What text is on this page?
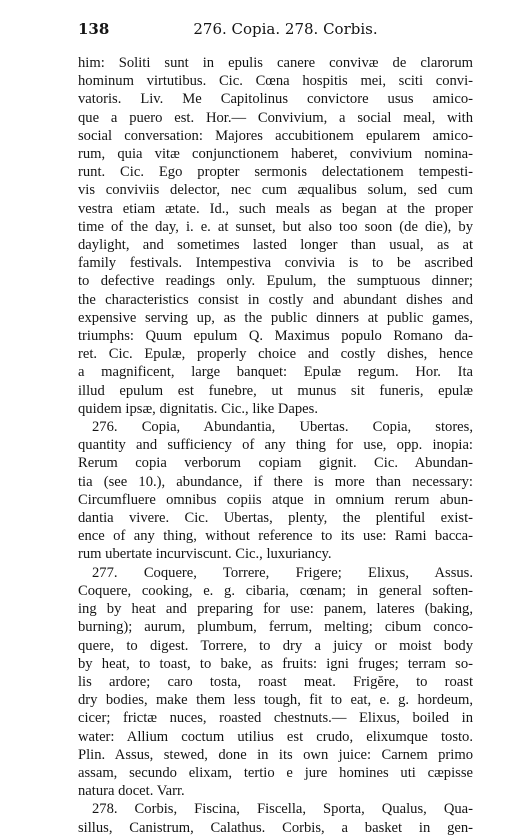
138	276. Copia. 278. Corbis.
him: Soliti sunt in epulis canere convivæ de clarorum
hominum virtutibus. Cic. Cœna hospitis mei, sciti convi-
vatoris. Liv. Me Capitolinus convictore usus amico-
que a puero est. Hor.— Convivium, a social meal, with
social conversation: Majores accubitionem epularem amico-
rum, quia vitæ conjunctionem haberet, convivium nomina-
runt. Cic. Ego propter sermonis delectationem tempesti-
vis conviviis delector, nec cum æqualibus solum, sed cum
vestra etiam ætate. Id., such meals as began at the proper
time of the day, i. e. at sunset, but also too soon (de die), by
daylight, and sometimes lasted longer than usual, as at
family festivals. Intempestiva convivia is to be ascribed
to defective readings only. Epulum, the sumptuous dinner;
the characteristics consist in costly and abundant dishes and
expensive serving up, as the public dinners at public games,
triumphs: Quum epulum Q. Maximus populo Romano da-
ret. Cic. Epulæ, properly choice and costly dishes, hence
a magnificent, large banquet: Epulæ regum. Hor. Ita
illud epulum est funebre, ut munus sit funeris, epulæ
quidem ipsæ, dignitatis. Cic., like Dapes.
276. Copia, Abundantia, Ubertas. Copia, stores,
quantity and sufficiency of any thing for use, opp. inopia:
Rerum copia verborum copiam gignit. Cic. Abundan-
tia (see 10.), abundance, if there is more than necessary:
Circumfluere omnibus copiis atque in omnium rerum abun-
dantia vivere. Cic. Ubertas, plenty, the plentiful exist-
ence of any thing, without reference to its use: Rami bacca-
rum ubertate incurviscunt. Cic., luxuriancy.
277. Coquere, Torrere, Frigere; Elixus, Assus.
Coquere, cooking, e. g. cibaria, cœnam; in general soften-
ing by heat and preparing for use: panem, lateres (baking,
burning); aurum, plumbum, ferrum, melting; cibum conco-
quere, to digest. Torrere, to dry a juicy or moist body
by heat, to toast, to bake, as fruits: igni fruges; terram so-
lis ardore; caro tosta, roast meat. Frigĕre, to roast
dry bodies, make them less tough, fit to eat, e. g. hordeum,
cicer; frictæ nuces, roasted chestnuts.— Elixus, boiled in
water: Allium coctum utilius est crudo, elixumque tosto.
Plin. Assus, stewed, done in its own juice: Carnem primo
assam, secundo elixam, tertio e jure homines uti cæpisse
natura docet. Varr.
278. Corbis, Fiscina, Fiscella, Sporta, Qualus, Qua-
sillus, Canistrum, Calathus. Corbis, a basket in gen-
